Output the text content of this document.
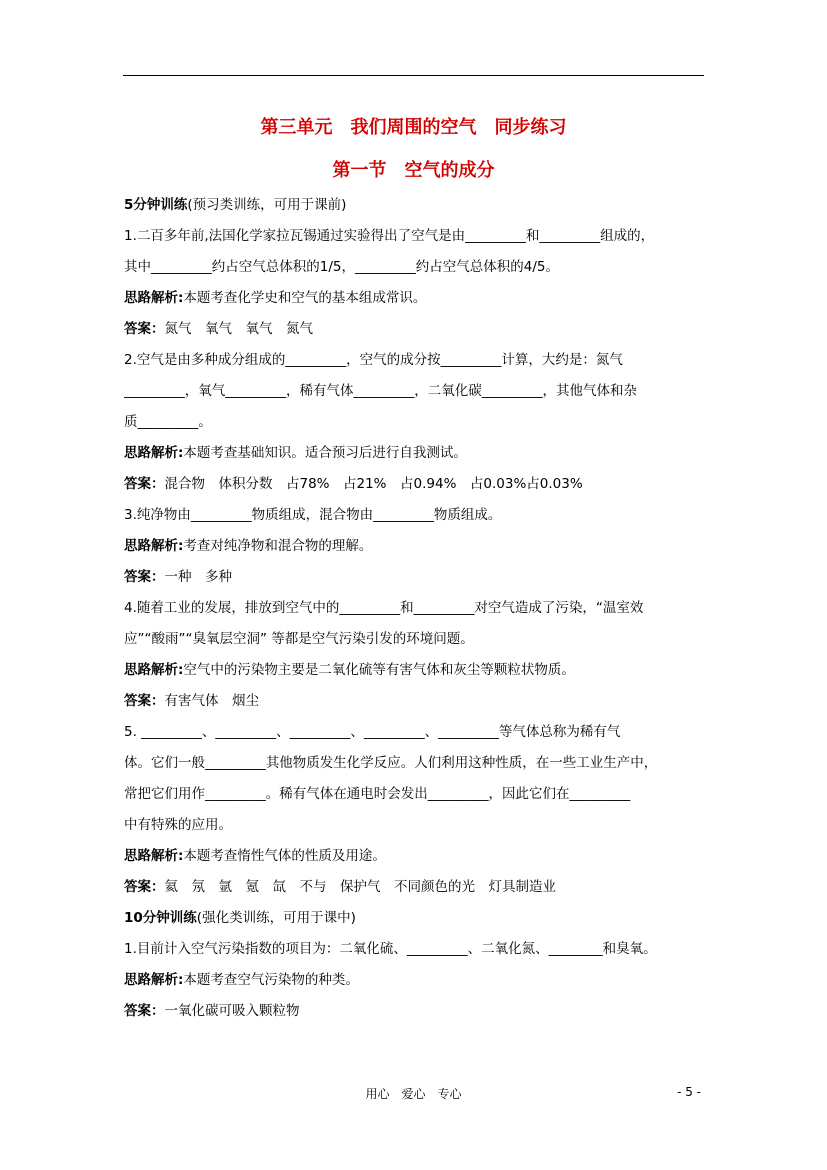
第三单元　我们周围的空气　同步练习
第一节　空气的成分
5分钟训练(预习类训练，可用于课前)
1.二百多年前,法国化学家拉瓦锡通过实验得出了空气是由_________和_________组成的，
其中_________约占空气总体积的1/5，_________约占空气总体积的4/5。
思路解析:本题考查化学史和空气的基本组成常识。
答案：氮气　氧气　氧气　氮气
2.空气是由多种成分组成的_________，空气的成分按_________计算，大约是：氮气
_________，氧气_________，稀有气体_________，二氧化碳_________，其他气体和杂
质_________。
思路解析:本题考查基础知识。适合预习后进行自我测试。
答案：混合物　体积分数　占78%　占21%　占0.94%　占0.03%占0.03%
3.纯净物由_________物质组成，混合物由_________物质组成。
思路解析:考查对纯净物和混合物的理解。
答案：一种　多种
4.随着工业的发展，排放到空气中的_________和_________对空气造成了污染，“温室效
应”“酸雨”“臭氧层空洞” 等都是空气污染引发的环境问题。
思路解析:空气中的污染物主要是二氧化硫等有害气体和灰尘等颗粒状物质。
答案：有害气体　烟尘
5. _________、_________、_________、_________、_________等气体总称为稀有气
体。它们一般_________其他物质发生化学反应。人们利用这种性质，在一些工业生产中，
常把它们用作_________。稀有气体在通电时会发出_________，因此它们在_________
中有特殊的应用。
思路解析:本题考查惰性气体的性质及用途。
答案：氦　氖　氩　氪　氙　不与　保护气　不同颜色的光　灯具制造业
10分钟训练(强化类训练，可用于课中)
1.目前计入空气污染指数的项目为：二氧化硫、_________、二氧化氮、________和臭氧。
思路解析:本题考查空气污染物的种类。
答案：一氧化碳可吸入颗粒物
用心　爱心　专心	- 5 -
